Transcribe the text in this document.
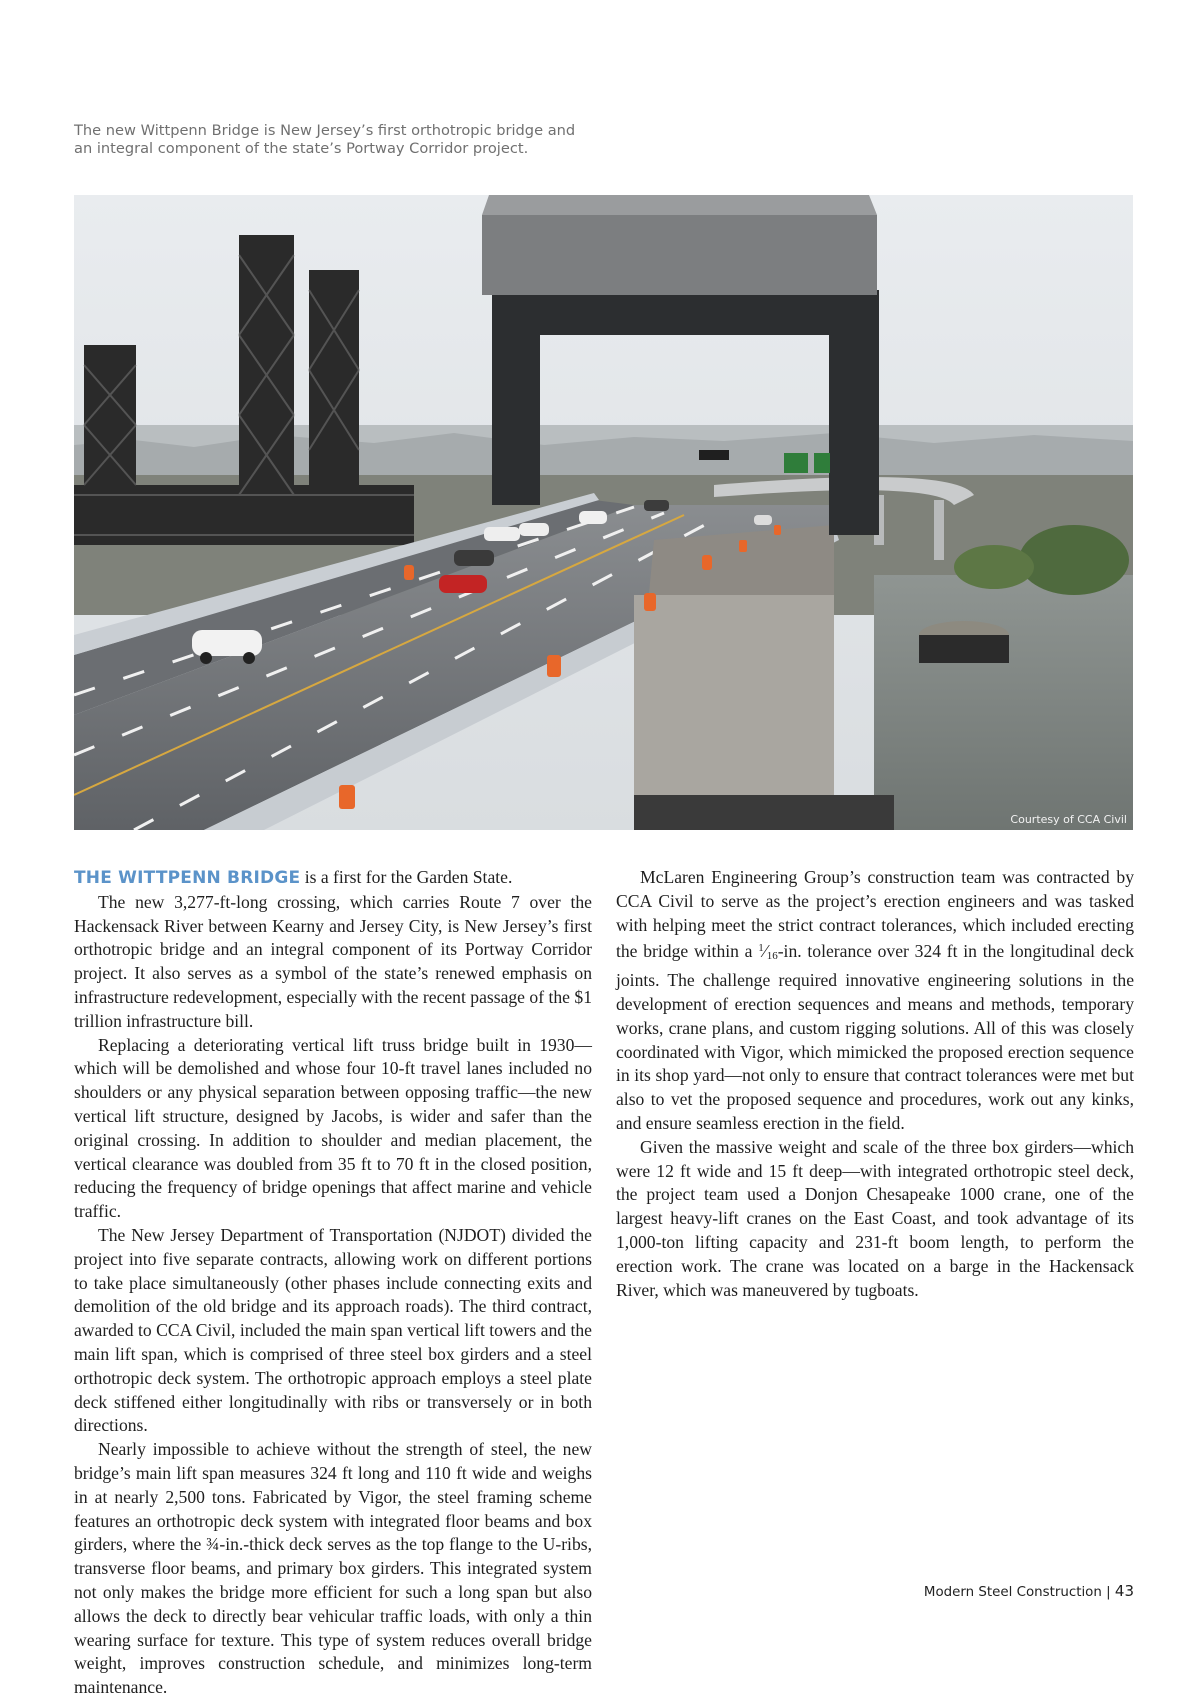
The new Wittpenn Bridge is New Jersey’s first orthotropic bridge and
an integral component of the state’s Portway Corridor project.
Courtesy of CCA Civil

THE WITTPENN BRIDGE is a first for the Garden State.

The new 3,277-ft-long crossing, which carries Route 7 over the Hackensack River between Kearny and Jersey City, is New Jersey’s first orthotropic bridge and an integral component of its Portway Corridor project. It also serves as a symbol of the state’s renewed emphasis on infrastructure redevelopment, especially with the recent passage of the $1 trillion infrastructure bill.

Replacing a deteriorating vertical lift truss bridge built in 1930—which will be demolished and whose four 10-ft travel lanes included no shoulders or any physical separation between opposing traffic—the new vertical lift structure, designed by Jacobs, is wider and safer than the original crossing. In addition to shoulder and median placement, the vertical clearance was doubled from 35 ft to 70 ft in the closed position, reducing the frequency of bridge openings that affect marine and vehicle traffic.

The New Jersey Department of Transportation (NJDOT) divided the project into five separate contracts, allowing work on different portions to take place simultaneously (other phases include connecting exits and demolition of the old bridge and its approach roads). The third contract, awarded to CCA Civil, included the main span vertical lift towers and the main lift span, which is comprised of three steel box girders and a steel orthotropic deck system. The orthotropic approach employs a steel plate deck stiffened either longitudinally with ribs or transversely or in both directions.

Nearly impossible to achieve without the strength of steel, the new bridge’s main lift span measures 324 ft long and 110 ft wide and weighs in at nearly 2,500 tons. Fabricated by Vigor, the steel framing scheme features an orthotropic deck system with integrated floor beams and box girders, where the ¾-in.-thick deck serves as the top flange to the U-ribs, transverse floor beams, and primary box girders. This integrated system not only makes the bridge more efficient for such a long span but also allows the deck to directly bear vehicular traffic loads, with only a thin wearing surface for texture. This type of system reduces overall bridge weight, improves construction schedule, and minimizes long-term maintenance.

McLaren Engineering Group’s construction team was contracted by CCA Civil to serve as the project’s erection engineers and was tasked with helping meet the strict contract tolerances, which included erecting the bridge within a $^1⁄_{16}-in$. tolerance over 324 ft in the longitudinal deck joints. The challenge required innovative engineering solutions in the development of erection sequences and means and methods, temporary works, crane plans, and custom rigging solutions. All of this was closely coordinated with Vigor, which mimicked the proposed erection sequence in its shop yard—not only to ensure that contract tolerances were met but also to vet the proposed sequence and procedures, work out any kinks, and ensure seamless erection in the field.

Given the massive weight and scale of the three box girders—which were 12 ft wide and 15 ft deep—with integrated orthotropic steel deck, the project team used a Donjon Chesapeake 1000 crane, one of the largest heavy-lift cranes on the East Coast, and took advantage of its 1,000-ton lifting capacity and 231-ft boom length, to perform the erection work. The crane was located on a barge in the Hackensack River, which was maneuvered by tugboats.

Modern Steel Construction | 43
